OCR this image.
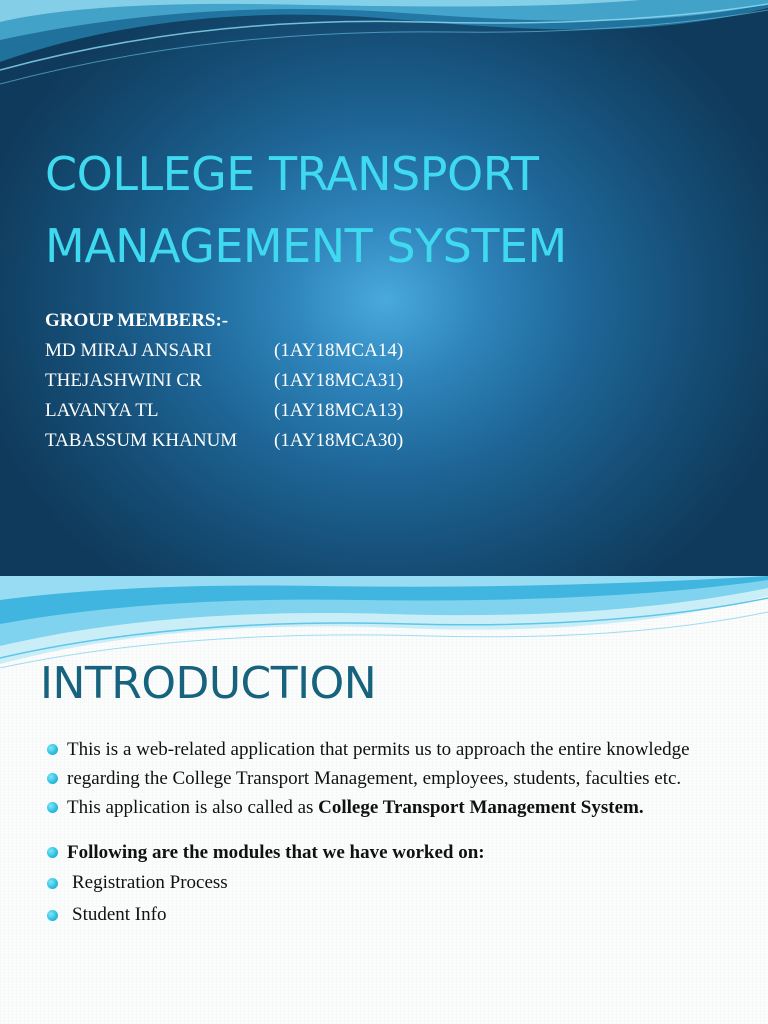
COLLEGE TRANSPORT
MANAGEMENT SYSTEM
GROUP MEMBERS:-
MD MIRAJ ANSARI	(1AY18MCA14)
THEJASHWINI CR	(1AY18MCA31)
LAVANYA TL	(1AY18MCA13)
TABASSUM KHANUM	(1AY18MCA30)
INTRODUCTION
This is a web-related application that permits us to approach the entire knowledge
regarding the College Transport Management, employees, students, faculties etc.
This application is also called as College Transport Management System.
Following are the modules that we have worked on:
Registration Process
Student Info
